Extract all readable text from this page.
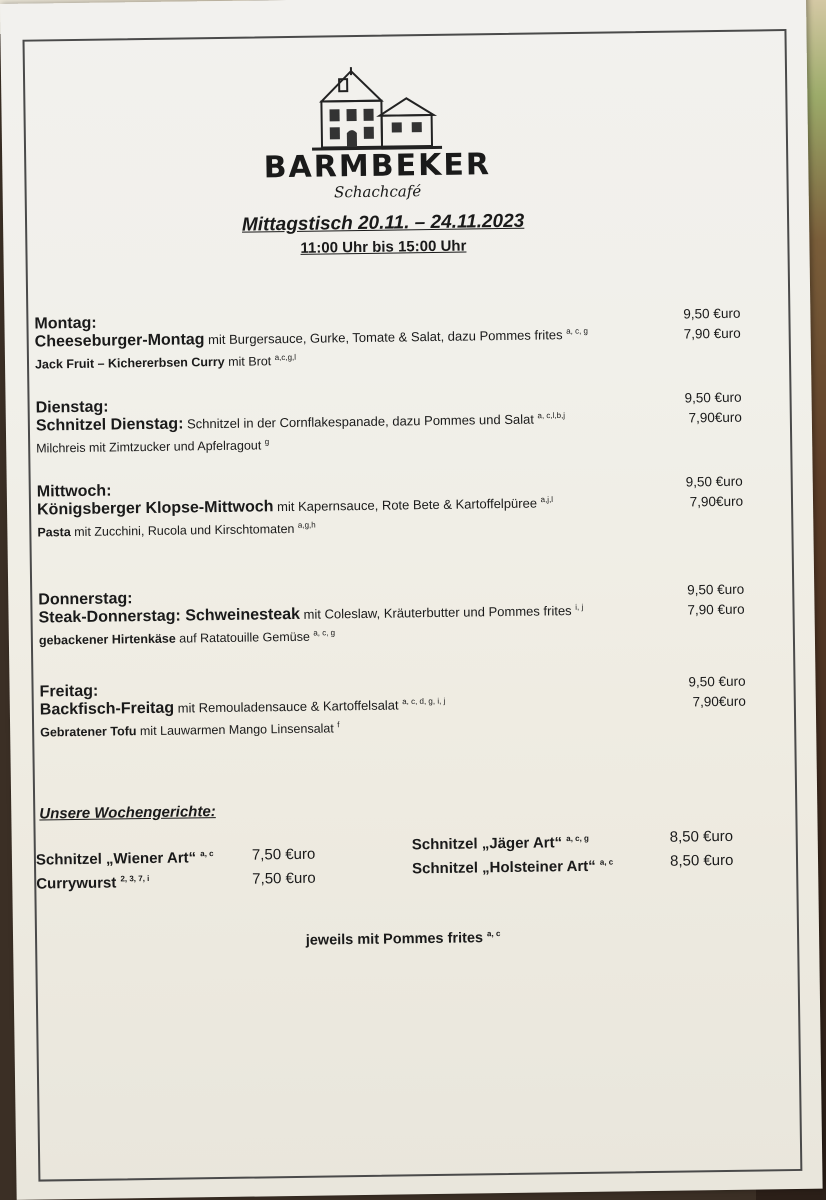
BARMBEKER
Schachcafé
Mittagstisch 20.11. – 24.11.2023
11:00 Uhr bis 15:00 Uhr
Montag:
Cheeseburger-Montag mit Burgersauce, Gurke, Tomate & Salat, dazu Pommes frites $^{a, c, g}$
9,50 €uro
Jack Fruit – Kichererbsen Curry mit Brot $^{a,c,g,l}$
7,90 €uro
Dienstag:
Schnitzel Dienstag: Schnitzel in der Cornflakespanade, dazu Pommes und Salat $^{a, c,l,b,j}$
9,50 €uro
Milchreis mit Zimtzucker und Apfelragout $^g$
7,90€uro
Mittwoch:
Königsberger Klopse-Mittwoch mit Kapernsauce, Rote Bete & Kartoffelpüree $^{a,j,l}$
9,50 €uro
Pasta mit Zucchini, Rucola und Kirschtomaten $^{a,g,h}$
7,90€uro
Donnerstag:
Steak-Donnerstag: Schweinesteak mit Coleslaw, Kräuterbutter und Pommes frites $^{i, j}$
9,50 €uro
gebackener Hirtenkäse auf Ratatouille Gemüse $^{a, c, g}$
7,90 €uro
Freitag:
Backfisch-Freitag mit Remouladensauce & Kartoffelsalat $^{a, c, d, g, i, j}$
9,50 €uro
Gebratener Tofu mit Lauwarmen Mango Linsensalat $^f$
7,90€uro
Unsere Wochengerichte:
Schnitzel „Wiener Art“ $^{a, c}$	7,50 €uro
Currywurst $^{2, 3, 7, i}$	7,50 €uro
Schnitzel „Jäger Art“ $^{a, c, g}$	8,50 €uro
Schnitzel „Holsteiner Art“ $^{a, c}$	8,50 €uro
jeweils mit Pommes frites $^{a, c}$
